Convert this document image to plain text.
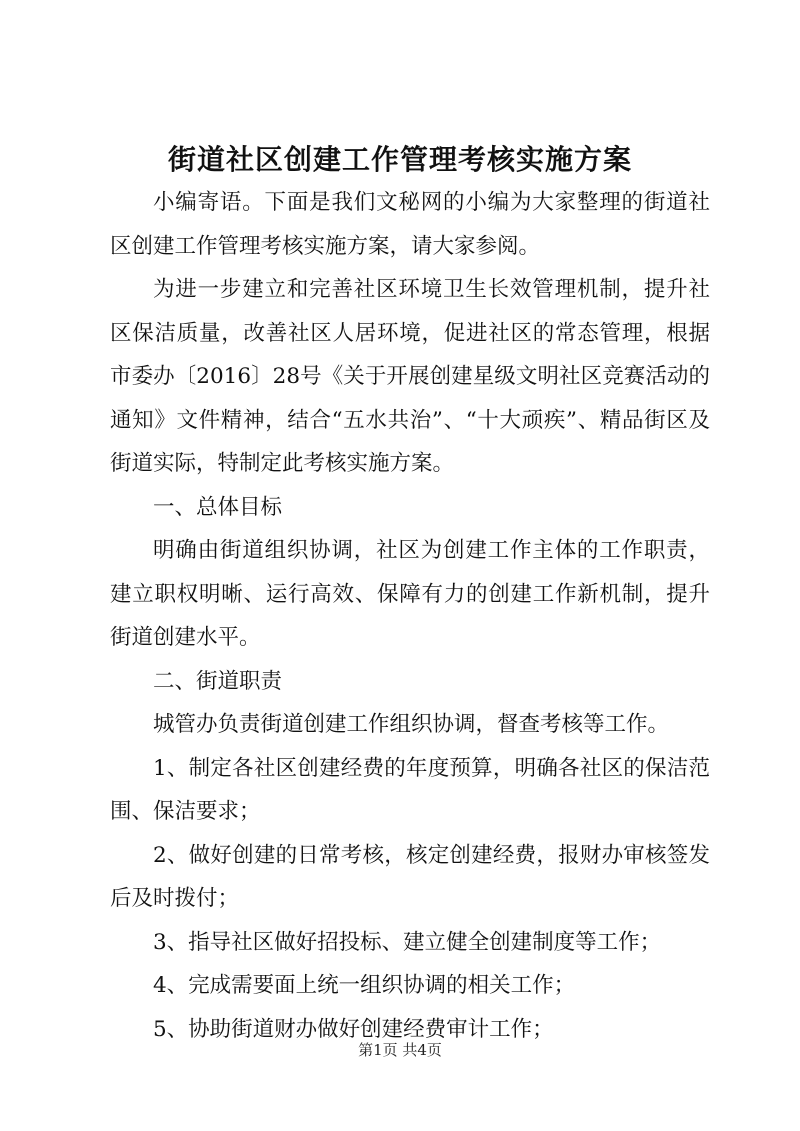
街道社区创建工作管理考核实施方案

小编寄语。下面是我们文秘网的小编为大家整理的街道社区创建工作管理考核实施方案，请大家参阅。

为进一步建立和完善社区环境卫生长效管理机制，提升社区保洁质量，改善社区人居环境，促进社区的常态管理，根据市委办〔2016〕28号《关于开展创建星级文明社区竞赛活动的通知》文件精神，结合“五水共治”、“十大顽疾”、精品街区及街道实际，特制定此考核实施方案。

一、总体目标

明确由街道组织协调，社区为创建工作主体的工作职责，建立职权明晰、运行高效、保障有力的创建工作新机制，提升街道创建水平。

二、街道职责

城管办负责街道创建工作组织协调，督查考核等工作。

1、制定各社区创建经费的年度预算，明确各社区的保洁范围、保洁要求；

2、做好创建的日常考核，核定创建经费，报财办审核签发后及时拨付；

3、指导社区做好招投标、建立健全创建制度等工作；

4、完成需要面上统一组织协调的相关工作；

5、协助街道财办做好创建经费审计工作；

第1页 共4页
